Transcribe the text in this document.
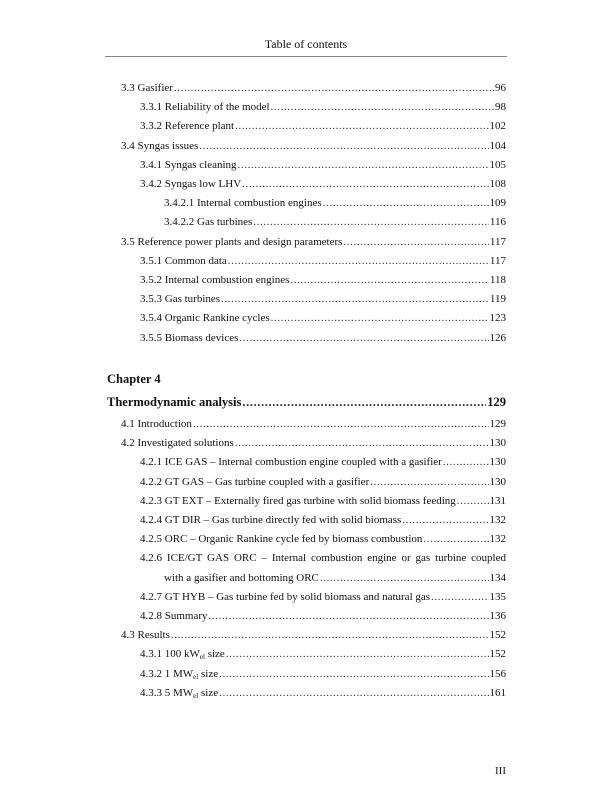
Table of contents
3.3 Gasifier .....	96
3.3.1 Reliability of the model .....	98
3.3.2 Reference plant .....	102
3.4 Syngas issues .....	104
3.4.1 Syngas cleaning .....	105
3.4.2 Syngas low LHV .....	108
3.4.2.1 Internal combustion engines .....	109
3.4.2.2 Gas turbines .....	116
3.5 Reference power plants and design parameters .....	117
3.5.1 Common data .....	117
3.5.2 Internal combustion engines .....	118
3.5.3 Gas turbines .....	119
3.5.4 Organic Rankine cycles .....	123
3.5.5 Biomass devices .....	126
Chapter 4
Thermodynamic analysis .....	129
4.1 Introduction .....	129
4.2 Investigated solutions .....	130
4.2.1 ICE GAS – Internal combustion engine coupled with a gasifier .....	130
4.2.2 GT GAS – Gas turbine coupled with a gasifier .....	130
4.2.3 GT EXT – Externally fired gas turbine with solid biomass feeding .....	131
4.2.4 GT DIR – Gas turbine directly fed with solid biomass .....	132
4.2.5 ORC – Organic Rankine cycle fed by biomass combustion .....	132
4.2.6 ICE/GT GAS ORC – Internal combustion engine or gas turbine coupled
with a gasifier and bottoming ORC .....	134
4.2.7 GT HYB – Gas turbine fed by solid biomass and natural gas .....	135
4.2.8 Summary .....	136
4.3 Results .....	152
4.3.1 100 $kW_{el}$ size .....	152
4.3.2 1 $MW_{el}$ size .....	156
4.3.3 5 $MW_{el}$ size .....	161
III
